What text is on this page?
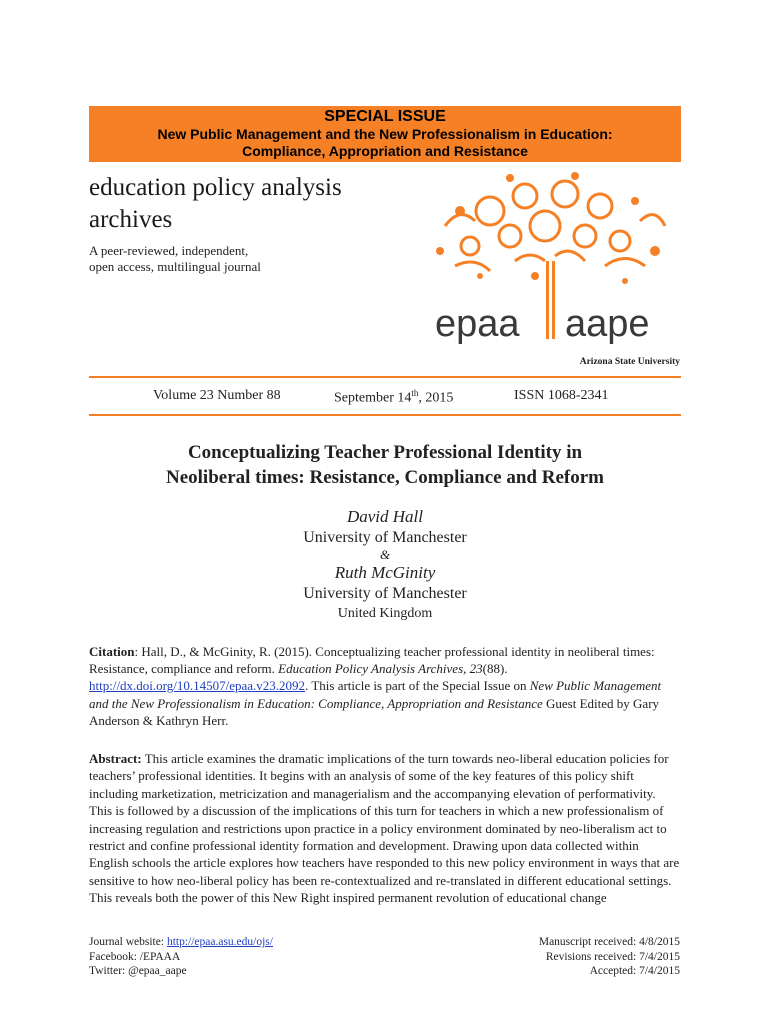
SPECIAL ISSUE
New Public Management and the New Professionalism in Education:
Compliance, Appropriation and Resistance
education policy analysis
archives
A peer-reviewed, independent,
open access, multilingual journal
epaa aape
Arizona State University
Volume 23 Number 88	September 14th, 2015	ISSN 1068-2341
Conceptualizing Teacher Professional Identity in
Neoliberal times: Resistance, Compliance and Reform
David Hall
University of Manchester
&
Ruth McGinity
University of Manchester
United Kingdom
Citation: Hall, D., & McGinity, R. (2015). Conceptualizing teacher professional identity in neoliberal times: Resistance, compliance and reform. Education Policy Analysis Archives, 23(88). http://dx.doi.org/10.14507/epaa.v23.2092. This article is part of the Special Issue on New Public Management and the New Professionalism in Education: Compliance, Appropriation and Resistance Guest Edited by Gary Anderson & Kathryn Herr.
Abstract: This article examines the dramatic implications of the turn towards neo-liberal education policies for teachers’ professional identities. It begins with an analysis of some of the key features of this policy shift including marketization, metricization and managerialism and the accompanying elevation of performativity. This is followed by a discussion of the implications of this turn for teachers in which a new professionalism of increasing regulation and restrictions upon practice in a policy environment dominated by neo-liberalism act to restrict and confine professional identity formation and development. Drawing upon data collected within English schools the article explores how teachers have responded to this new policy environment in ways that are sensitive to how neo-liberal policy has been re-contextualized and re-translated in different educational settings. This reveals both the power of this New Right inspired permanent revolution of educational change
Journal website: http://epaa.asu.edu/ojs/
Facebook: /EPAAA
Twitter: @epaa_aape
Manuscript received: 4/8/2015
Revisions received: 7/4/2015
Accepted: 7/4/2015
